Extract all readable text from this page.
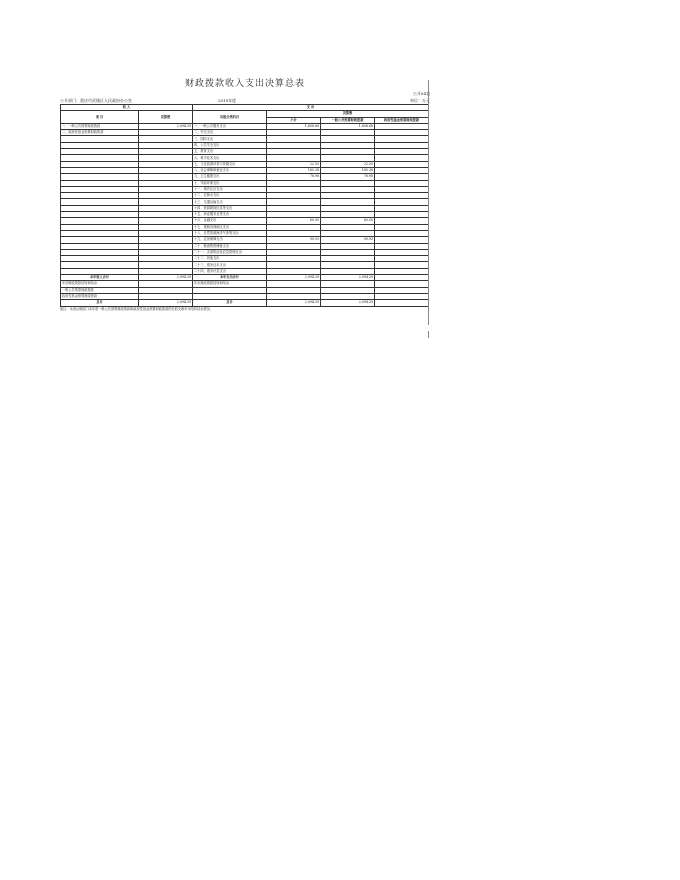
财政拨款收入支出决算总表
公开04表
公开部门：重庆市武隆区人民政府办公室	2019年度	单位：万元
收 入		支 出			
项 目	决算数	功能分类科目	决算数		
			小计	一般公共预算财政拨款	政府性基金预算财政拨款
一、一般公共预算财政拨款	2,094.39	一、一般公共服务支出	1,608.68	1,608.68	
二、政府性基金预算财政拨款		二、外交支出			
		三、国防支出			
		四、公共安全支出			
		五、教育支出			
		六、科学技术支出			
		七、文化旅游体育与传媒支出	22.50	22.50	
		八、社会保障和就业支出	185.38	185.38	
		九、卫生健康支出	78.98	78.98	
		十、节能环保支出			
		十一、城乡社区支出			
		十二、农林水支出			
		十三、交通运输支出			
		十四、资源勘探信息等支出			
		十五、商业服务业等支出			
		十六、金融支出	60.00	60.00	
		十七、援助其他地区支出			
		十八、自然资源海洋气象等支出			
		十九、住房保障支出	90.93	90.93	
		二十、粮油物资储备支出			
		二十一、灾害防治及应急管理支出			
		二十二、其他支出			
		二十三、债务还本支出			
		二十四、债务付息支出			
本年收入合计	2,094.39	本年支出合计	2,094.39	2,094.39	
年初财政拨款结转和结余		年末财政拨款结转和结余			
一般公共预算财政拨款					
政府性基金预算财政拨款					
总计	2,094.39	总计	2,094.39	2,094.39	
备注：本表反映部门本年度一般公共预算财政拨款和政府性基金预算财政拨款的总收支和年末结转结余情况。
